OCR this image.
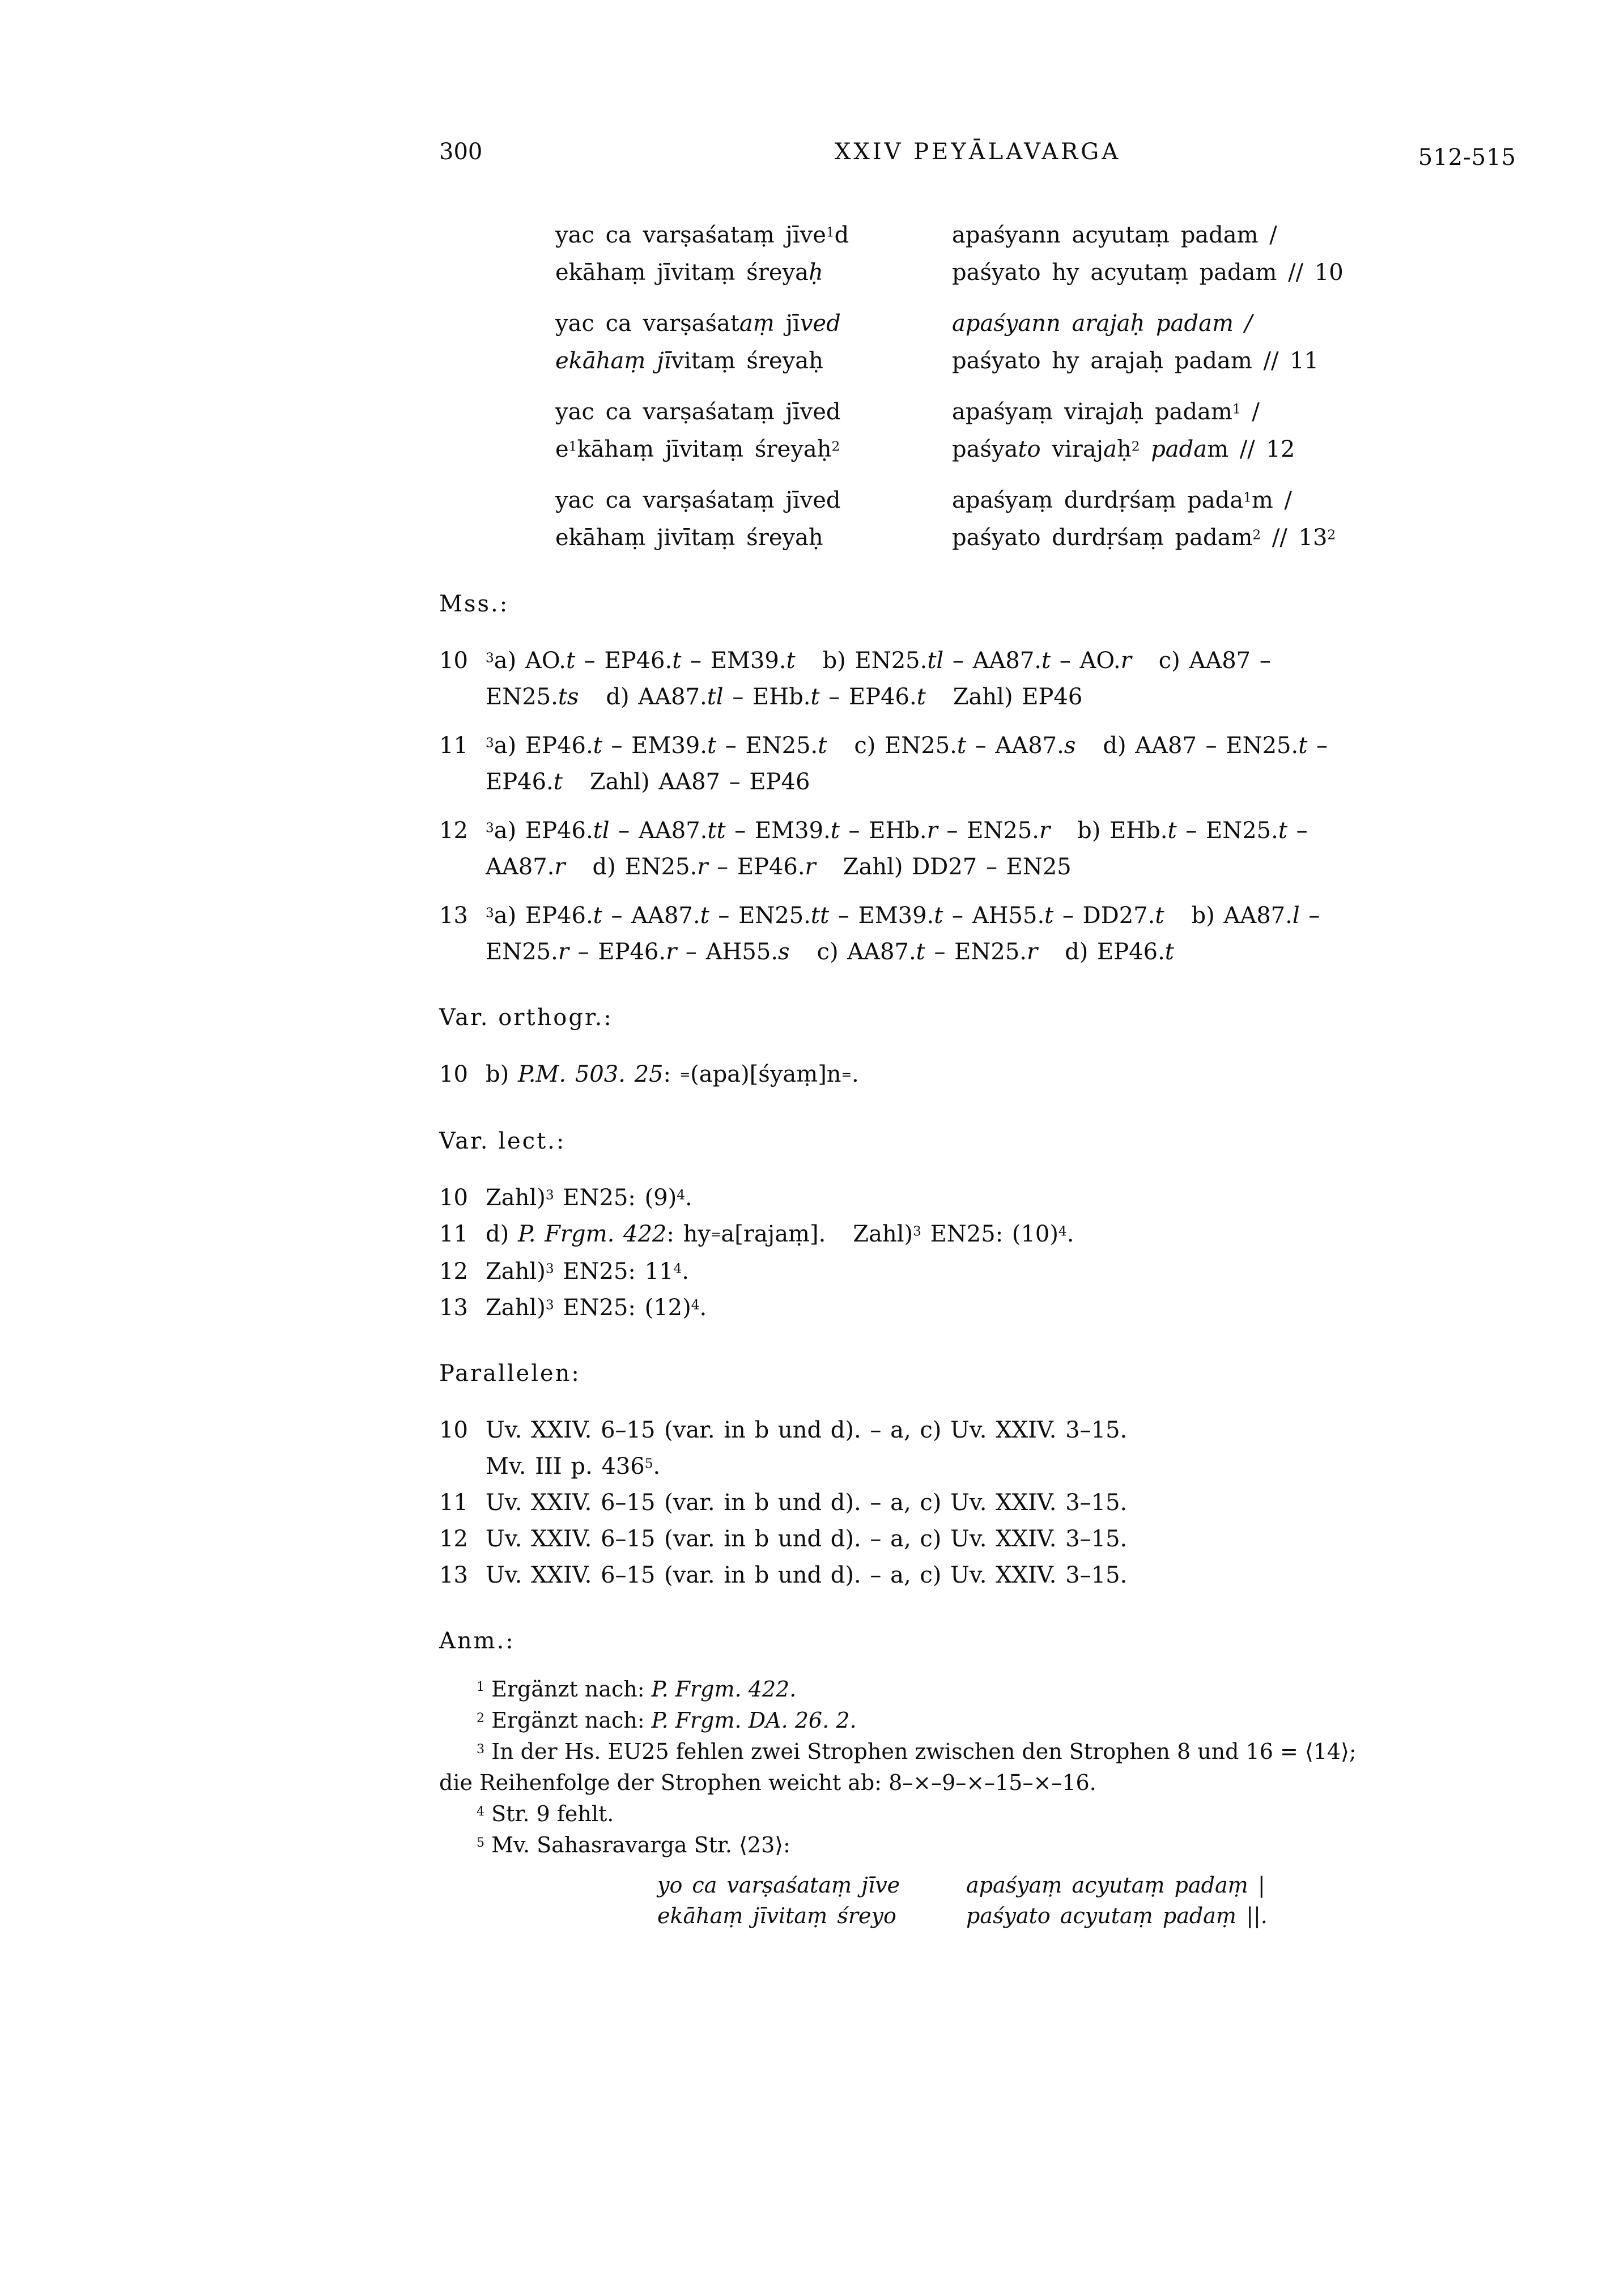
300	XXIV PEYĀLAVARGA	512-515
yac ca varṣaśataṃ jīve$^1$d	apaśyann acyutaṃ padam /
ekāhaṃ jīvitaṃ śreyaḥ	paśyato hy acyutaṃ padam // 10
yac ca varṣaśataṃ jīved	apaśyann arajaḥ padam /
ekāhaṃ jīvitaṃ śreyaḥ	paśyato hy arajaḥ padam // 11
yac ca varṣaśataṃ jīved	apaśyaṃ virajaḥ padam$^1$ /
$e^1kāhaṃ$ jīvitaṃ śreyaḥ$^2$	paśyato virajaḥ$^2$ padam // 12
yac ca varṣaśataṃ jīved	apaśyaṃ durdṛśaṃ pada$^1$m /
ekāhaṃ jivītaṃ śreyaḥ	paśyato durdṛśaṃ padam$^2$ // $13^2$
Mss.:
10 $^3$a) AO.t – EP46.t – EM39.t b) EN25.tl – AA87.t – AO.r c) AA87 –
EN25.ts d) AA87.tl – EHb.t – EP46.t Zahl) EP46
11 $^3$a) EP46.t – EM39.t – EN25.t c) EN25.t – AA87.s d) AA87 – EN25.t –
EP46.t Zahl) AA87 – EP46
12 $^3$a) EP46.tl – AA87.tt – EM39.t – EHb.r – EN25.r b) EHb.t – EN25.t –
AA87.r d) EN25.r – EP46.r Zahl) DD27 – EN25
13 $^3$a) EP46.t – AA87.t – EN25.tt – EM39.t – AH55.t – DD27.t b) AA87.l –
EN25.r – EP46.r – AH55.s c) AA87.t – EN25.r d) EP46.t
Var. orthogr.:
10 b) P.M. 503. 25: =(apa)[śyaṃ]n=.
Var. lect.:
10 Zahl)$^3$ EN25: $(9)^4$.
11 d) P. Frgm. 422: hy=a[rajaṃ]. Zahl)$^3$ EN25: $(10)^4$.
12 Zahl)$^3$ EN25: $11^4$.
13 Zahl)$^3$ EN25: $(12)^4$.
Parallelen:
10 Uv. XXIV. 6–15 (var. in b und d). – a, c) Uv. XXIV. 3–15.
Mv. III p. $436^5$.
11 Uv. XXIV. 6–15 (var. in b und d). – a, c) Uv. XXIV. 3–15.
12 Uv. XXIV. 6–15 (var. in b und d). – a, c) Uv. XXIV. 3–15.
13 Uv. XXIV. 6–15 (var. in b und d). – a, c) Uv. XXIV. 3–15.
Anm.:
$^1$ Ergänzt nach: P. Frgm. 422.
$^2$ Ergänzt nach: P. Frgm. DA. 26. 2.
$^3$ In der Hs. EU25 fehlen zwei Strophen zwischen den Strophen 8 und 16 = ⟨14⟩;
die Reihenfolge der Strophen weicht ab: 8–×–9–×–15–×–16.
$^4$ Str. 9 fehlt.
$^5$ Mv. Sahasravarga Str. ⟨23⟩:
yo ca varṣaśataṃ jīve	apaśyaṃ acyutaṃ padaṃ |
ekāhaṃ jīvitaṃ śreyo	paśyato acyutaṃ padaṃ ||.
